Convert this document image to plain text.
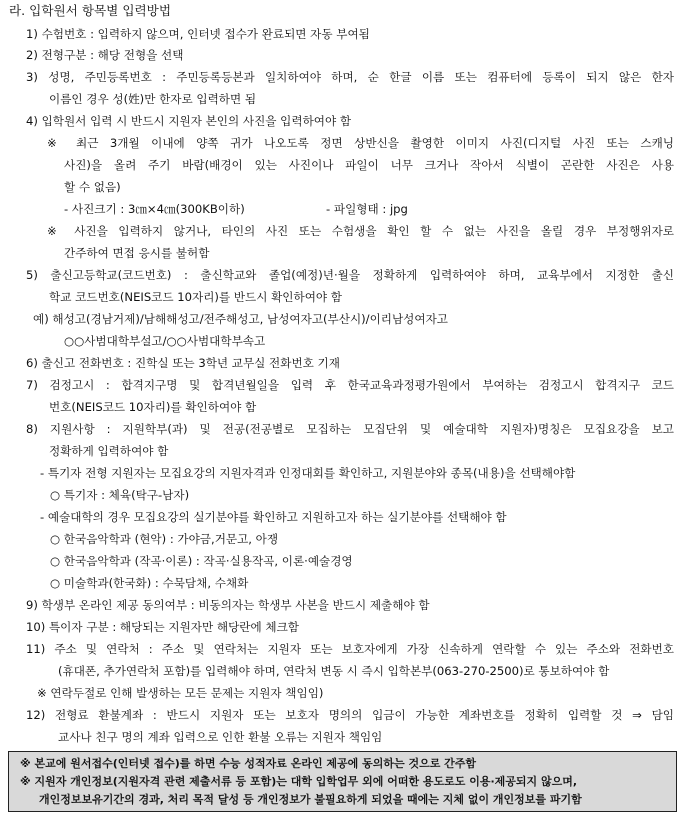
라. 입학원서 항목별 입력방법
1) 수험번호 : 입력하지 않으며, 인터넷 접수가 완료되면 자동 부여됨
2) 전형구분 : 해당 전형을 선택
3) 성명, 주민등록번호 : 주민등록등본과 일치하여야 하며, 순 한글 이름 또는 컴퓨터에 등록이 되지 않은 한자
이름인 경우 성(姓)만 한자로 입력하면 됨
4) 입학원서 입력 시 반드시 지원자 본인의 사진을 입력하여야 함
※ 최근 3개월 이내에 양쪽 귀가 나오도록 정면 상반신을 촬영한 이미지 사진(디지털 사진 또는 스캐닝
사진)을 올려 주기 바람(배경이 있는 사진이나 파일이 너무 크거나 작아서 식별이 곤란한 사진은 사용
할 수 없음)
- 사진크기 : 3㎝×4㎝(300KB이하)	- 파일형태 : jpg
※ 사진을 입력하지 않거나, 타인의 사진 또는 수험생을 확인 할 수 없는 사진을 올릴 경우 부정행위자로
간주하여 면접 응시를 불허함
5) 출신고등학교(코드번호) : 출신학교와 졸업(예정)년·월을 정확하게 입력하여야 하며, 교육부에서 지정한 출신
학교 코드번호(NEIS코드 10자리)를 반드시 확인하여야 함
예) 해성고(경남거제)/남해해성고/전주해성고, 남성여자고(부산시)/이리남성여자고
○○사범대학부설고/○○사범대학부속고
6) 출신고 전화번호 : 진학실 또는 3학년 교무실 전화번호 기재
7) 검정고시 : 합격지구명 및 합격년월일을 입력 후 한국교육과정평가원에서 부여하는 검정고시 합격지구 코드
번호(NEIS코드 10자리)를 확인하여야 함
8) 지원사항 : 지원학부(과) 및 전공(전공별로 모집하는 모집단위 및 예술대학 지원자)명칭은 모집요강을 보고
정확하게 입력하여야 함
- 특기자 전형 지원자는 모집요강의 지원자격과 인정대회를 확인하고, 지원분야와 종목(내용)을 선택해야함
○ 특기자 : 체육(탁구-남자)
- 예술대학의 경우 모집요강의 실기분야를 확인하고 지원하고자 하는 실기분야를 선택해야 함
○ 한국음악학과 (현악) : 가야금,거문고, 아쟁
○ 한국음악학과 (작곡·이론) : 작곡·실용작곡, 이론·예술경영
○ 미술학과(한국화) : 수묵담채, 수채화
9) 학생부 온라인 제공 동의여부 : 비동의자는 학생부 사본을 반드시 제출해야 함
10) 특이자 구분 : 해당되는 지원자만 해당란에 체크함
11) 주소 및 연락처 : 주소 및 연락처는 지원자 또는 보호자에게 가장 신속하게 연락할 수 있는 주소와 전화번호
(휴대폰, 추가연락처 포함)를 입력해야 하며, 연락처 변동 시 즉시 입학본부(063-270-2500)로 통보하여야 함
※ 연락두절로 인해 발생하는 모든 문제는 지원자 책임임)
12) 전형료 환불계좌 : 반드시 지원자 또는 보호자 명의의 입금이 가능한 계좌번호를 정확히 입력할 것 ⇒ 담임
교사나 친구 명의 계좌 입력으로 인한 환불 오류는 지원자 책임임
※ 본교에 원서접수(인터넷 접수)를 하면 수능 성적자료 온라인 제공에 동의하는 것으로 간주함
※ 지원자 개인정보(지원자격 관련 제출서류 등 포함)는 대학 입학업무 외에 어떠한 용도로도 이용·제공되지 않으며,
개인정보보유기간의 경과, 처리 목적 달성 등 개인정보가 불필요하게 되었을 때에는 지체 없이 개인정보를 파기함
